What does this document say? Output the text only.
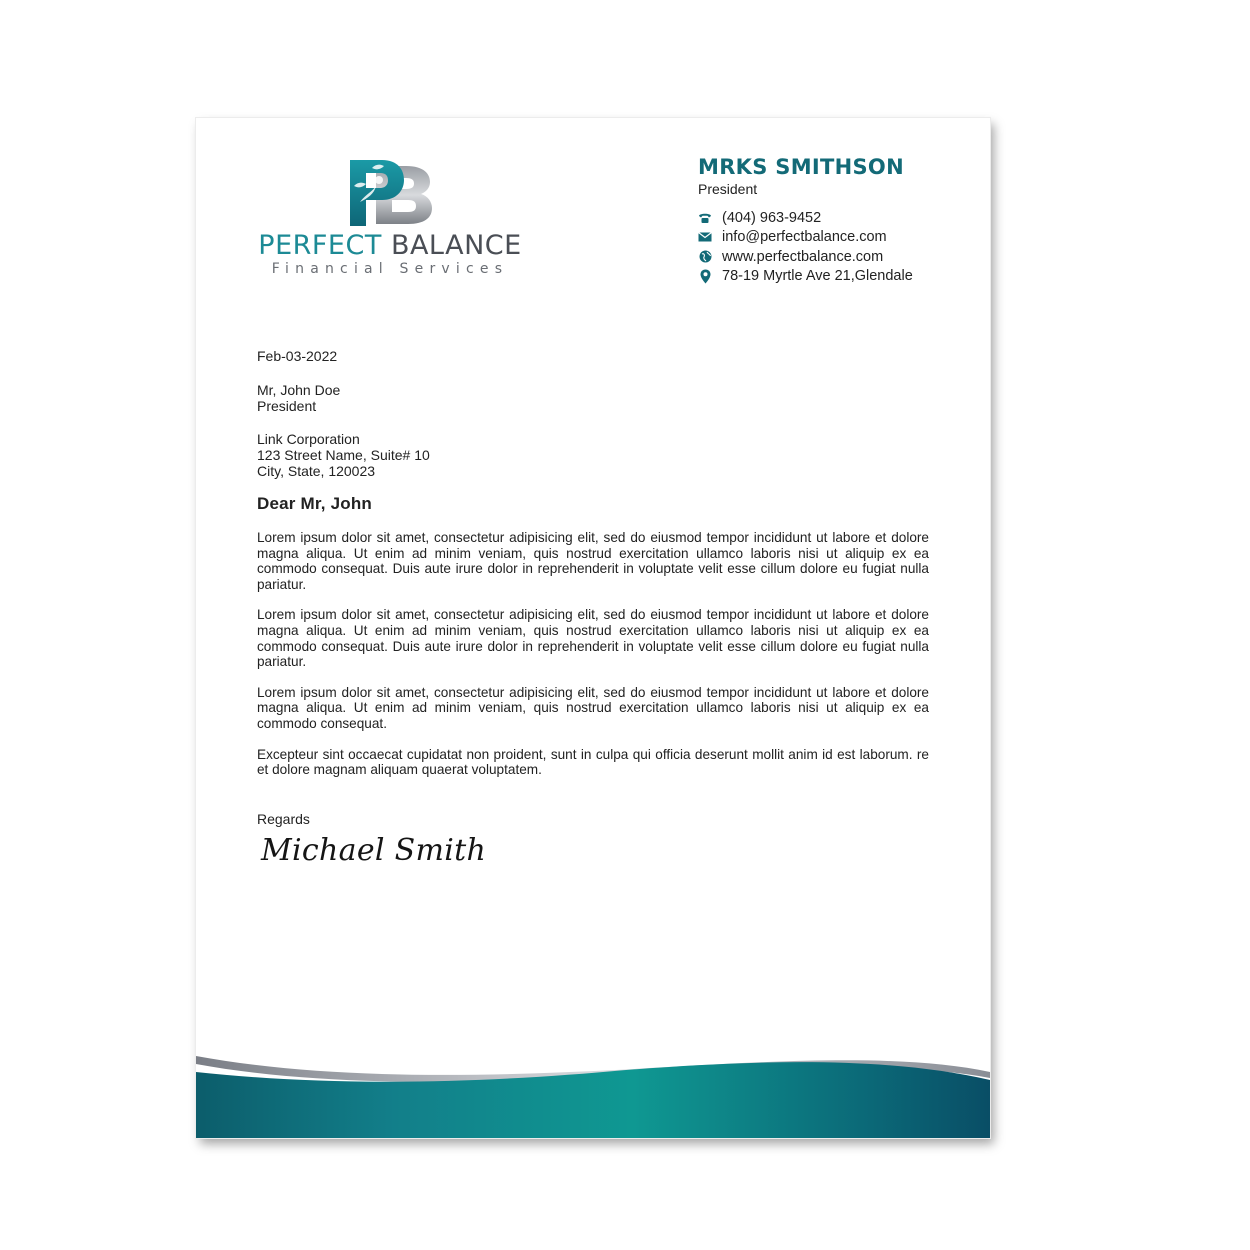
PERFECT BALANCE
Financial Services

MRKS SMITHSON

President
(404) 963-9452
info@perfectbalance.com
www.perfectbalance.com
78-19 Myrtle Ave 21,Glendale

Feb-03-2022

Mr, John Doe

President

Link Corporation

123 Street Name, Suite# 10

City, State, 120023

Dear Mr, John

Lorem ipsum dolor sit amet, consectetur adipisicing elit, sed do eiusmod tempor incididunt ut labore et dolore magna aliqua. Ut enim ad minim veniam, quis nostrud exercitation ullamco laboris nisi ut aliquip ex ea commodo consequat. Duis aute irure dolor in reprehenderit in voluptate velit esse cillum dolore eu fugiat nulla pariatur.

Lorem ipsum dolor sit amet, consectetur adipisicing elit, sed do eiusmod tempor incididunt ut labore et dolore magna aliqua. Ut enim ad minim veniam, quis nostrud exercitation ullamco laboris nisi ut aliquip ex ea commodo consequat. Duis aute irure dolor in reprehenderit in voluptate velit esse cillum dolore eu fugiat nulla pariatur.

Lorem ipsum dolor sit amet, consectetur adipisicing elit, sed do eiusmod tempor incididunt ut labore et dolore magna aliqua. Ut enim ad minim veniam, quis nostrud exercitation ullamco laboris nisi ut aliquip ex ea commodo consequat.

Excepteur sint occaecat cupidatat non proident, sunt in culpa qui officia deserunt mollit anim id est laborum. re et dolore magnam aliquam quaerat voluptatem.

Regards

Michael Smith
